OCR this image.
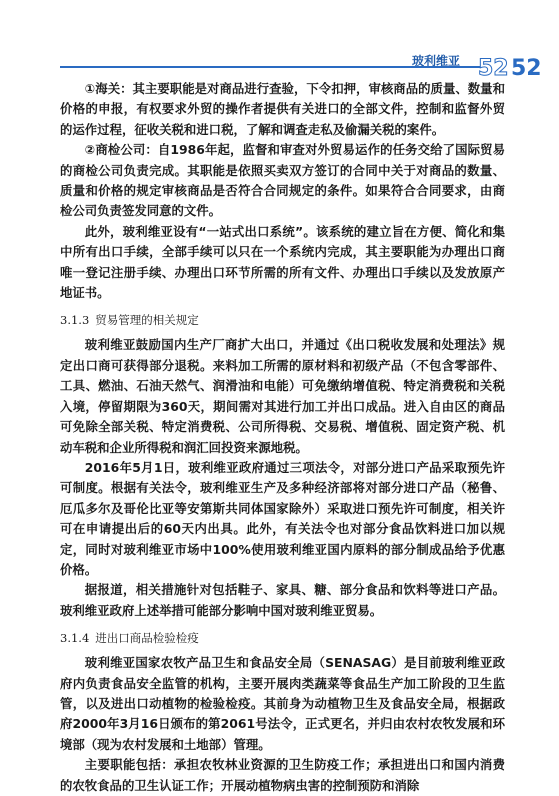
玻利维亚 52 52

①海关：其主要职能是对商品进行查验，下令扣押，审核商品的质量、数量和价格的申报，有权要求外贸的操作者提供有关进口的全部文件，控制和监督外贸的运作过程，征收关税和进口税，了解和调查走私及偷漏关税的案件。

②商检公司：自1986年起，监督和审查对外贸易运作的任务交给了国际贸易的商检公司负责完成。其职能是依照买卖双方签订的合同中关于对商品的数量、质量和价格的规定审核商品是否符合合同规定的条件。如果符合合同要求，由商检公司负责签发同意的文件。

此外，玻利维亚设有“一站式出口系统”。该系统的建立旨在方便、简化和集中所有出口手续，全部手续可以只在一个系统内完成，其主要职能为办理出口商唯一登记注册手续、办理出口环节所需的所有文件、办理出口手续以及发放原产地证书。

3.1.3 贸易管理的相关规定

玻利维亚鼓励国内生产厂商扩大出口，并通过《出口税收发展和处理法》规定出口商可获得部分退税。来料加工所需的原材料和初级产品（不包含零部件、工具、燃油、石油天然气、润滑油和电能）可免缴纳增值税、特定消费税和关税入境，停留期限为360天，期间需对其进行加工并出口成品。进入自由区的商品可免除全部关税、特定消费税、公司所得税、交易税、增值税、固定资产税、机动车税和企业所得税和润汇回投资来源地税。

2016年5月1日，玻利维亚政府通过三项法令，对部分进口产品采取预先许可制度。根据有关法令，玻利维亚生产及多种经济部将对部分进口产品（秘鲁、厄瓜多尔及哥伦比亚等安第斯共同体国家除外）采取进口预先许可制度，相关许可在申请提出后的60天内出具。此外，有关法令也对部分食品饮料进口加以规定，同时对玻利维亚市场中100%使用玻利维亚国内原料的部分制成品给予优惠价格。

据报道，相关措施针对包括鞋子、家具、糖、部分食品和饮料等进口产品。玻利维亚政府上述举措可能部分影响中国对玻利维亚贸易。

3.1.4 进出口商品检验检疫

玻利维亚国家农牧产品卫生和食品安全局（SENASAG）是目前玻利维亚政府内负责食品安全监管的机构，主要开展肉类蔬菜等食品生产加工阶段的卫生监管，以及进出口动植物的检验检疫。其前身为动植物卫生及食品安全局，根据政府2000年3月16日颁布的第2061号法令，正式更名，并归由农村农牧发展和环境部（现为农村发展和土地部）管理。

主要职能包括：承担农牧林业资源的卫生防疫工作；承担进出口和国内消费的农牧食品的卫生认证工作；开展动植物病虫害的控制预防和消除
